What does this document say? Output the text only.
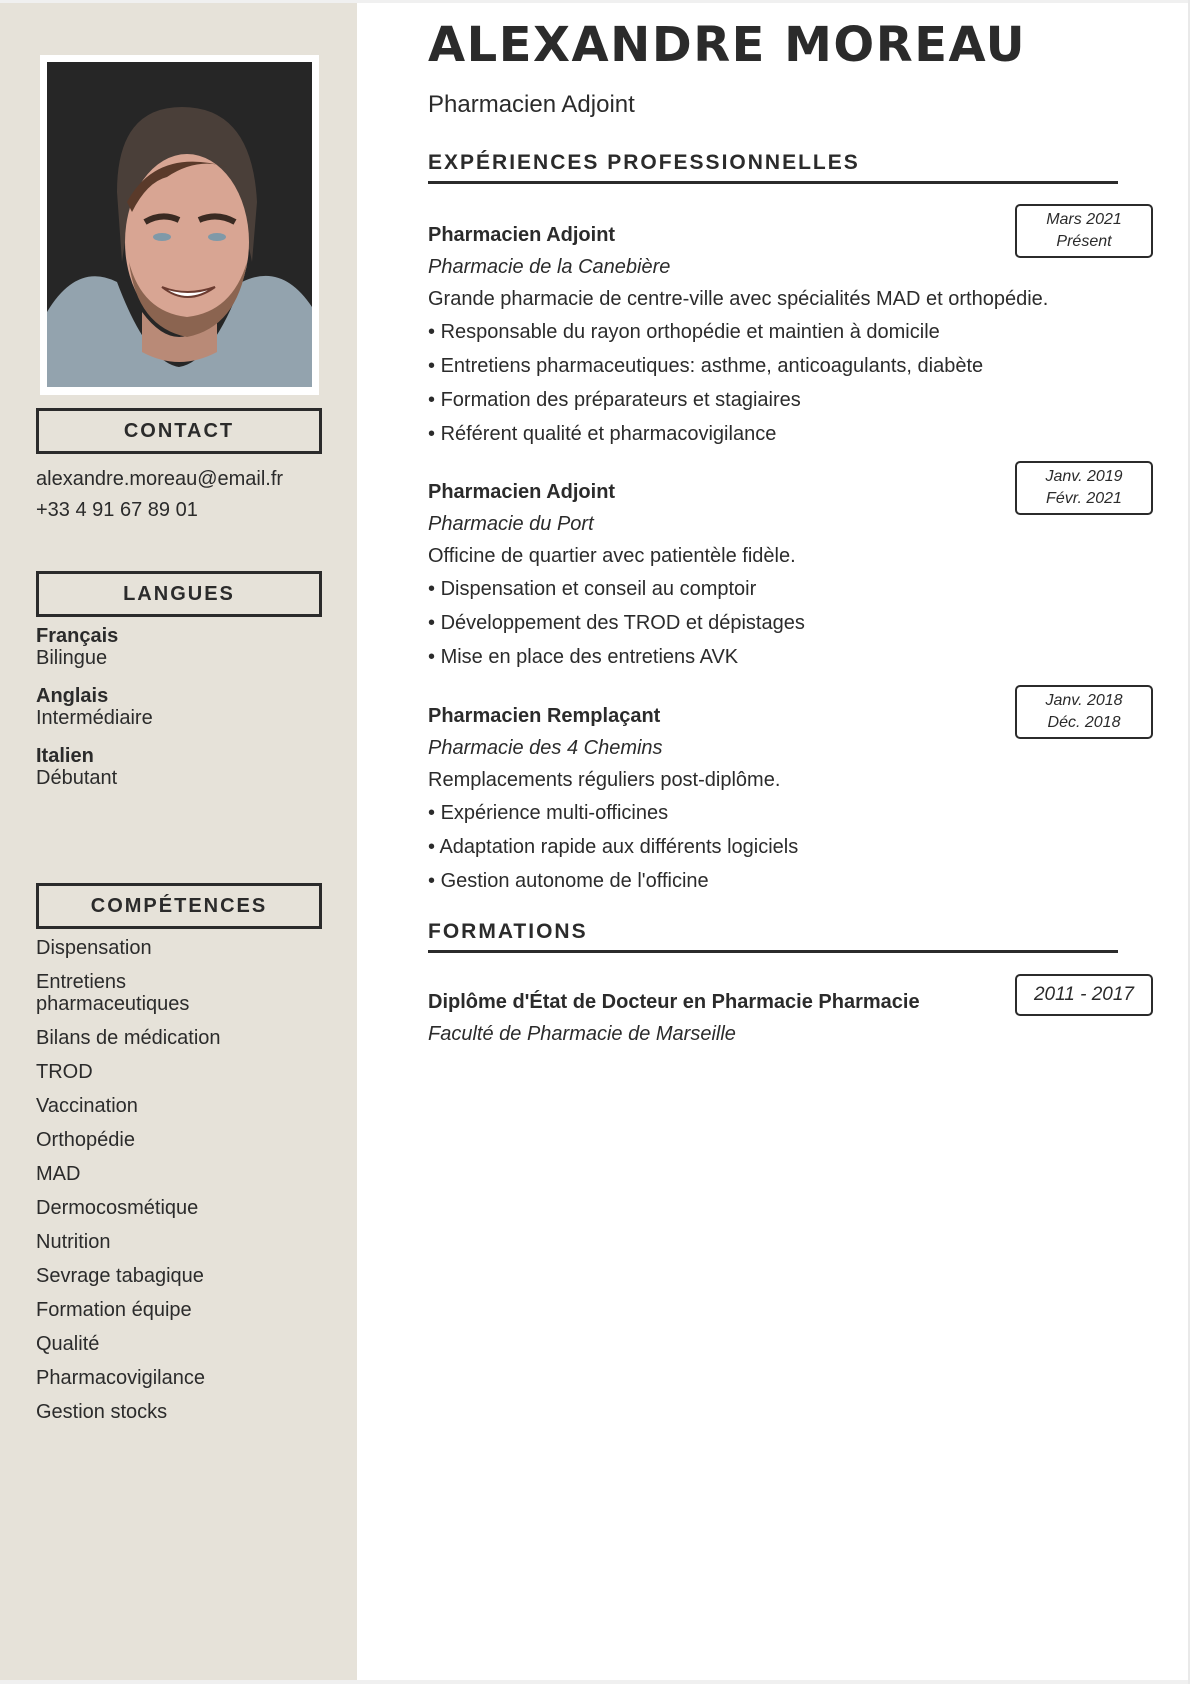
CONTACT
alexandre.moreau@email.fr
+33 4 91 67 89 01
LANGUES
Français
Bilingue
Anglais
Intermédiaire
Italien
Débutant
COMPÉTENCES
Dispensation
Entretiens pharmaceutiques
Bilans de médication
TROD
Vaccination
Orthopédie
MAD
Dermocosmétique
Nutrition
Sevrage tabagique
Formation équipe
Qualité
Pharmacovigilance
Gestion stocks
ALEXANDRE MOREAU
Pharmacien Adjoint
EXPÉRIENCES PROFESSIONNELLES
Mars 2021
Présent
Pharmacien Adjoint
Pharmacie de la Canebière
Grande pharmacie de centre-ville avec spécialités MAD et orthopédie.
• Responsable du rayon orthopédie et maintien à domicile
• Entretiens pharmaceutiques: asthme, anticoagulants, diabète
• Formation des préparateurs et stagiaires
• Référent qualité et pharmacovigilance
Janv. 2019
Févr. 2021
Pharmacien Adjoint
Pharmacie du Port
Officine de quartier avec patientèle fidèle.
• Dispensation et conseil au comptoir
• Développement des TROD et dépistages
• Mise en place des entretiens AVK
Janv. 2018
Déc. 2018
Pharmacien Remplaçant
Pharmacie des 4 Chemins
Remplacements réguliers post-diplôme.
• Expérience multi-officines
• Adaptation rapide aux différents logiciels
• Gestion autonome de l'officine
FORMATIONS
2011 - 2017
Diplôme d'État de Docteur en Pharmacie Pharmacie
Faculté de Pharmacie de Marseille
